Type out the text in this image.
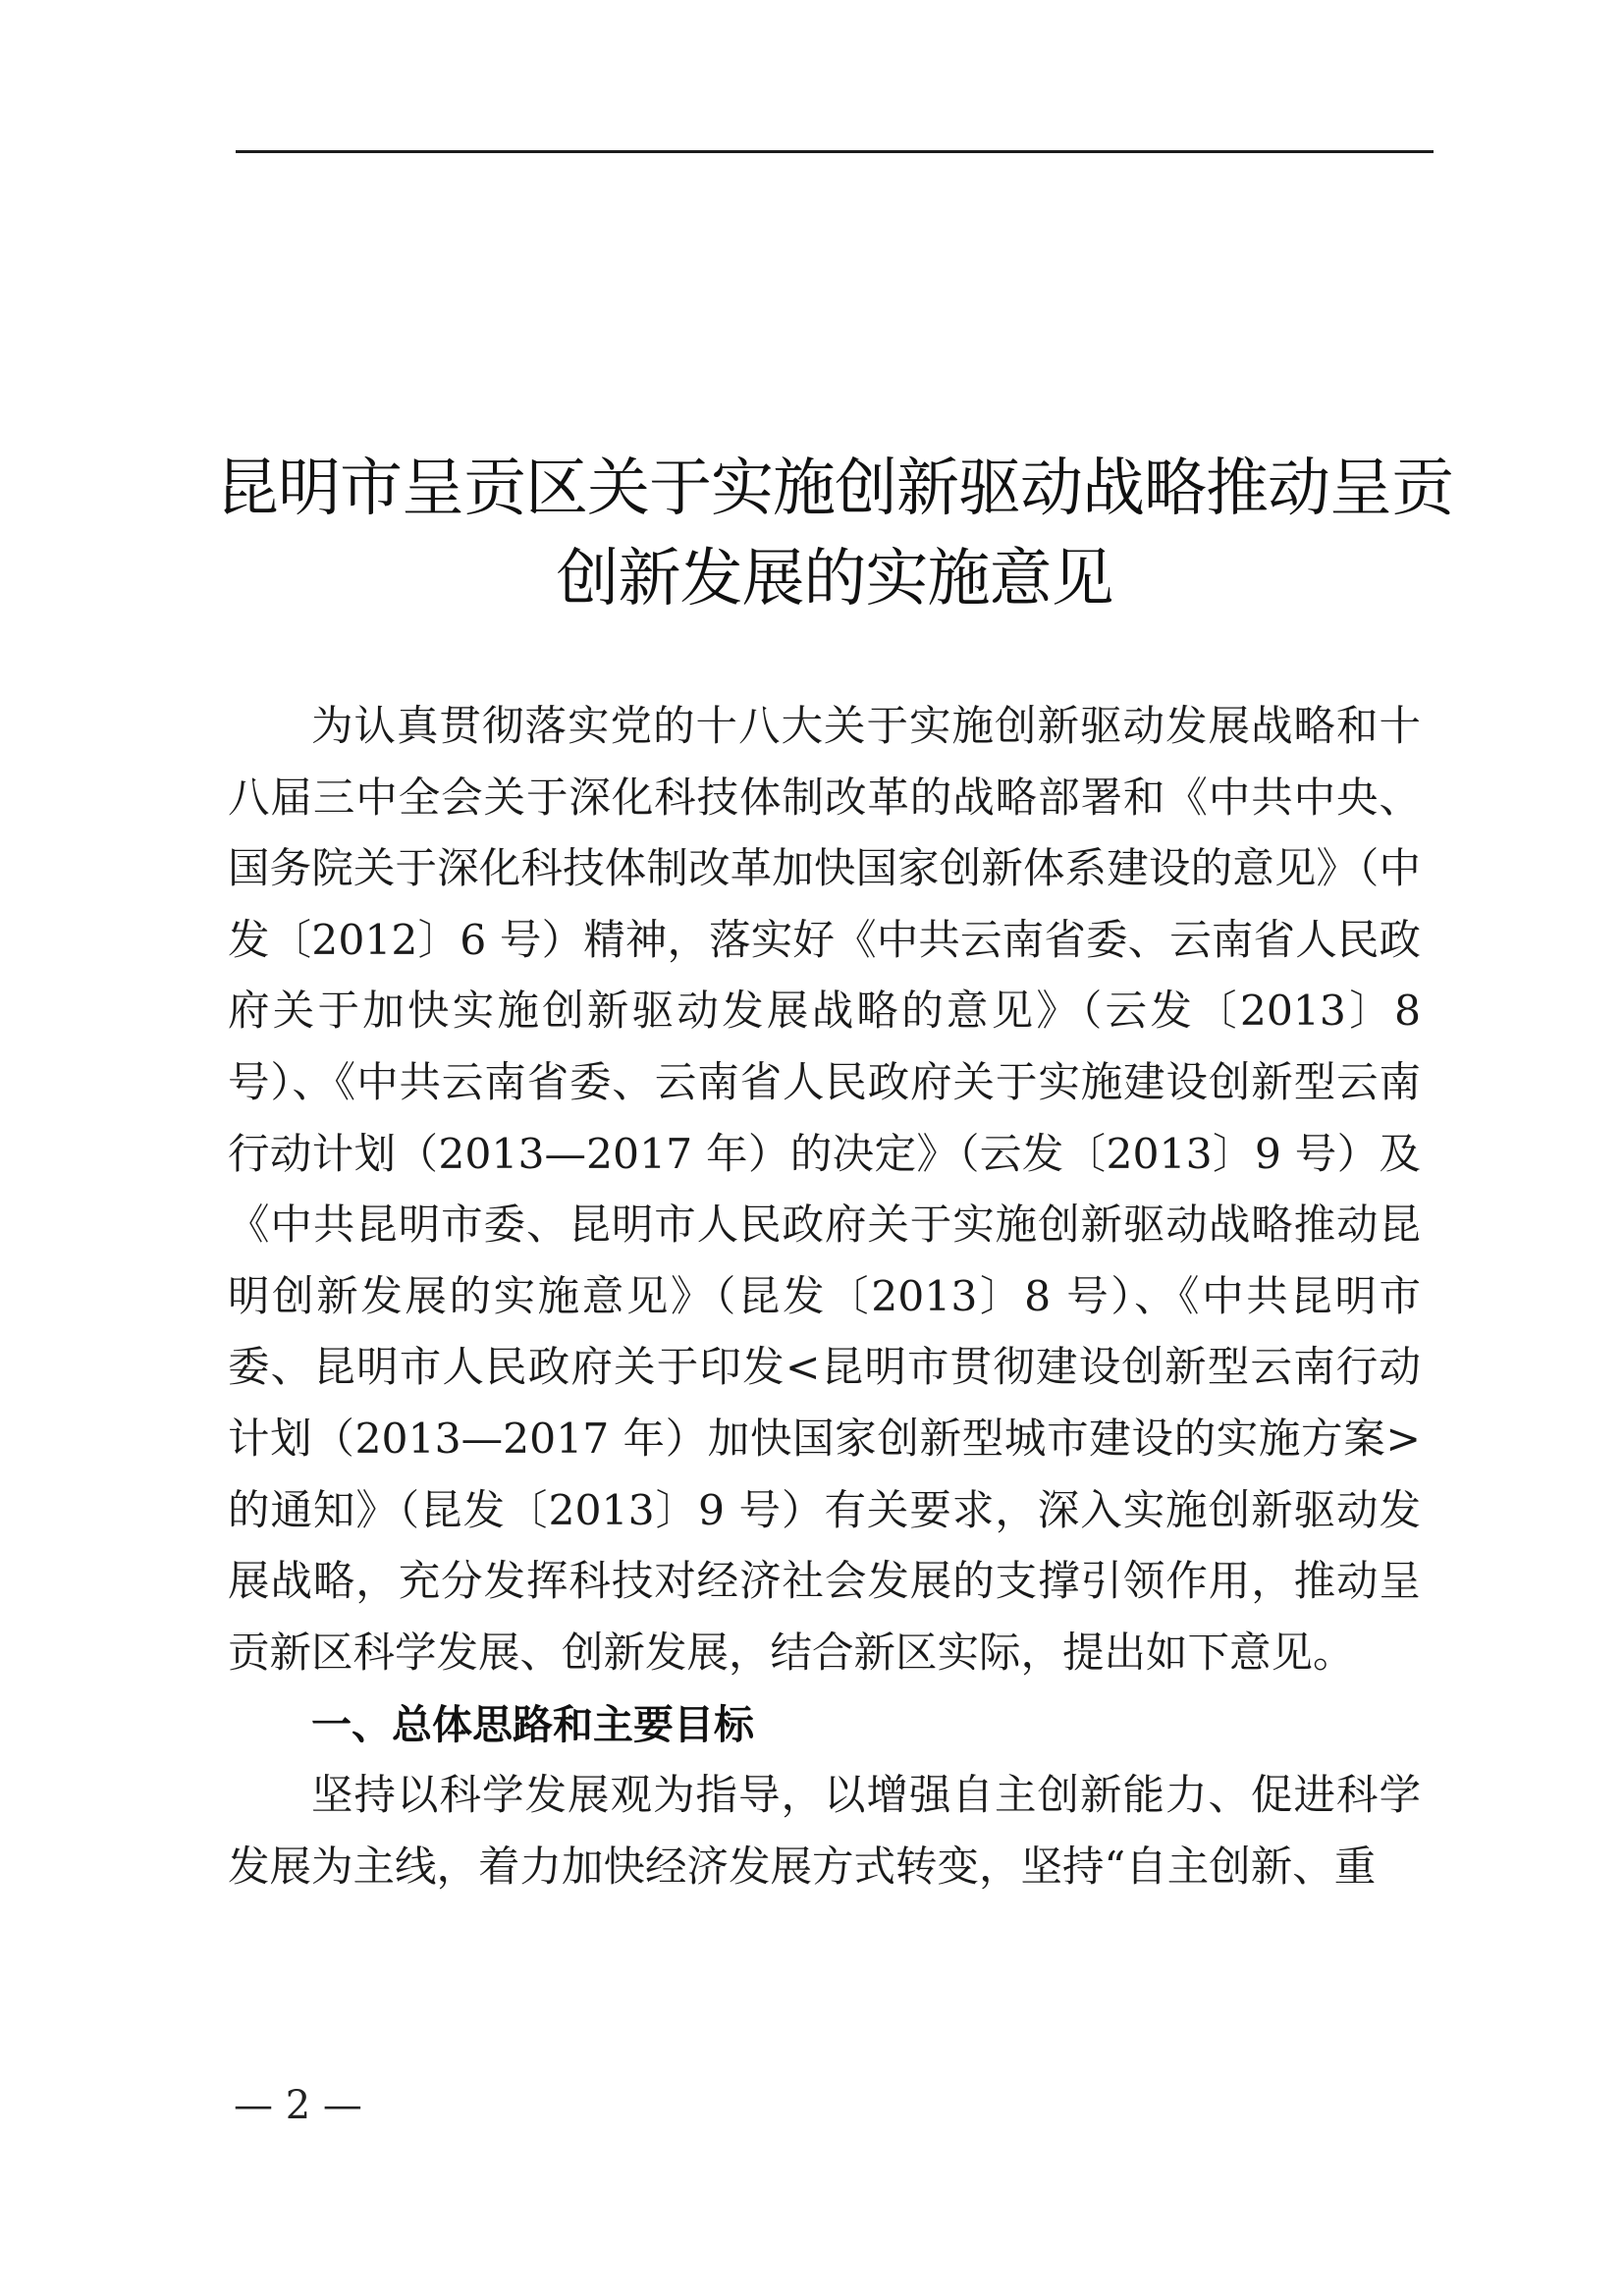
昆明市呈贡区关于实施创新驱动战略推动呈贡
创新发展的实施意见

为认真贯彻落实党的十八大关于实施创新驱动发展战略和十八届三中全会关于深化科技体制改革的战略部署和《中共中央、国务院关于深化科技体制改革加快国家创新体系建设的意见》（中发〔2012〕6 号）精神，落实好《中共云南省委、云南省人民政府关于加快实施创新驱动发展战略的意见》（云发〔2013〕8 号）、《中共云南省委、云南省人民政府关于实施建设创新型云南行动计划（2013—2017 年）的决定》（云发〔2013〕9 号）及《中共昆明市委、昆明市人民政府关于实施创新驱动战略推动昆明创新发展的实施意见》（昆发〔2013〕8 号）、《中共昆明市委、昆明市人民政府关于印发<昆明市贯彻建设创新型云南行动计划（2013—2017 年）加快国家创新型城市建设的实施方案>的通知》（昆发〔2013〕9 号）有关要求，深入实施创新驱动发展战略，充分发挥科技对经济社会发展的支撑引领作用，推动呈贡新区科学发展、创新发展，结合新区实际，提出如下意见。

一、总体思路和主要目标

坚持以科学发展观为指导，以增强自主创新能力、促进科学发展为主线，着力加快经济发展方式转变，坚持“自主创新、重

— 2 —
